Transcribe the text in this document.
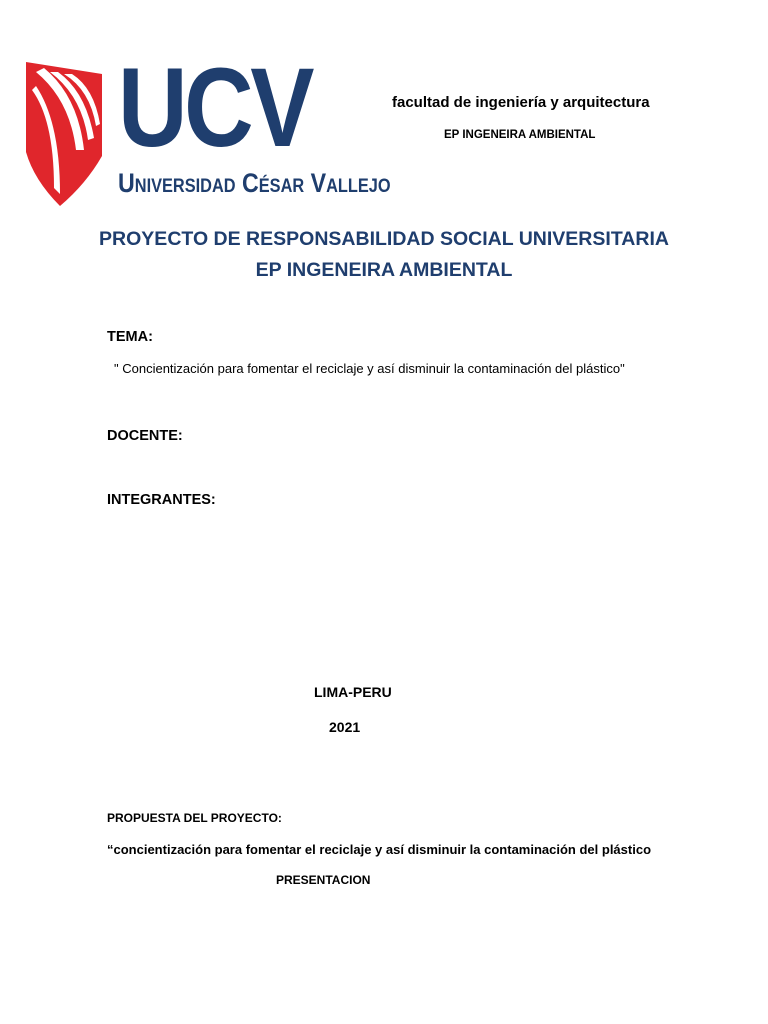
UCV
Universidad César Vallejo
facultad de ingeniería y arquitectura
EP INGENEIRA AMBIENTAL
PROYECTO DE RESPONSABILIDAD SOCIAL UNIVERSITARIA
EP INGENEIRA AMBIENTAL
TEMA:
" Concientización para fomentar el reciclaje y así disminuir la contaminación del plástico"
DOCENTE:
INTEGRANTES:
LIMA-PERU
2021
PROPUESTA DEL PROYECTO:
“concientización para fomentar el reciclaje y así disminuir la contaminación del plástico
PRESENTACION
